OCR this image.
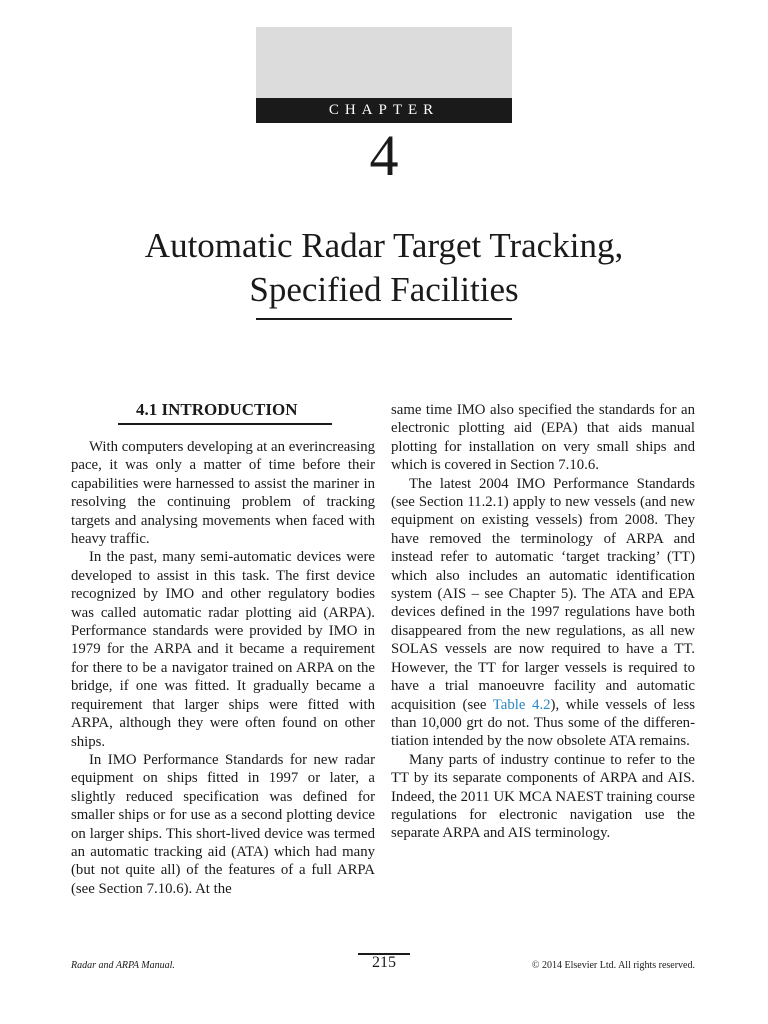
CHAPTER
4
Automatic Radar Target Tracking,
Specified Facilities
4.1 INTRODUCTION

With computers developing at an everincreasing pace, it was only a matter of time before their capabilities were harnessed to assist the mariner in resolving the continuing problem of tracking targets and analysing movements when faced with heavy traffic.

In the past, many semi-automatic devices were developed to assist in this task. The first device recognized by IMO and other regulatory bodies was called automatic radar plotting aid (ARPA). Performance standards were provided by IMO in 1979 for the ARPA and it became a requirement for there to be a navigator trained on ARPA on the bridge, if one was fitted. It gradually became a requirement that larger ships were fitted with ARPA, although they were often found on other ships.

In IMO Performance Standards for new radar equipment on ships fitted in 1997 or later, a slightly reduced specification was defined for smaller ships or for use as a second plotting device on larger ships. This short-lived device was termed an automatic tracking aid (ATA) which had many (but not quite all) of the features of a full ARPA (see Section 7.10.6). At the

same time IMO also specified the standards for an electronic plotting aid (EPA) that aids manual plotting for installation on very small ships and which is covered in Section 7.10.6.

The latest 2004 IMO Performance Standards (see Section 11.2.1) apply to new vessels (and new equipment on existing vessels) from 2008. They have removed the terminology of ARPA and instead refer to automatic ‘target tracking’ (TT) which also includes an automatic identification system (AIS – see Chapter 5). The ATA and EPA devices defined in the 1997 regulations have both disappeared from the new regulations, as all new SOLAS vessels are now required to have a TT. However, the TT for larger vessels is required to have a trial manoeuvre facility and automatic acquisition (see Table 4.2), while vessels of less than 10,000 grt do not. Thus some of the differentiation intended by the now obsolete ATA remains.

Many parts of industry continue to refer to the TT by its separate components of ARPA and AIS. Indeed, the 2011 UK MCA NAEST training course regulations for electronic navigation use the separate ARPA and AIS terminology.

Radar and ARPA Manual.	215	© 2014 Elsevier Ltd. All rights reserved.
